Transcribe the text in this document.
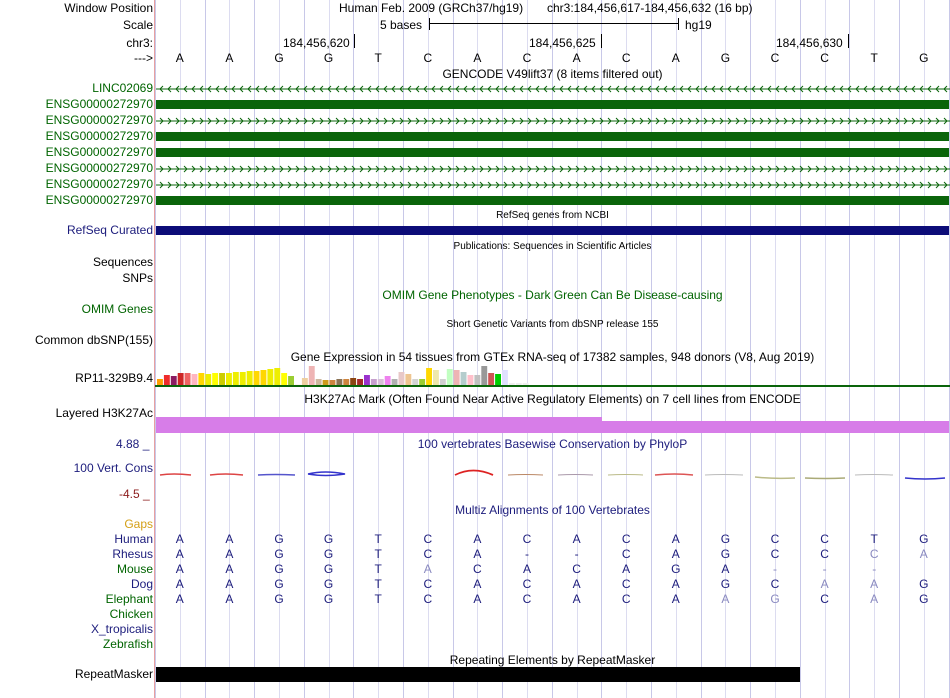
Window Position	Human Feb. 2009 (GRCh37/hg19) chr3:184,456,617-184,456,632 (16 bp)
Scale	5 bases	hg19
chr3:	184,456,620	184,456,625	184,456,630
--->	A	A	G	G	T	C	A	C	A	C	A	G	C	C	T	G
GENCODE V49lift37 (8 items filtered out)
LINC02069
ENSG00000272970
ENSG00000272970
ENSG00000272970
ENSG00000272970
ENSG00000272970
ENSG00000272970
ENSG00000272970
RefSeq genes from NCBI
RefSeq Curated
Publications: Sequences in Scientific Articles
Sequences
SNPs
OMIM Gene Phenotypes - Dark Green Can Be Disease-causing
OMIM Genes
Short Genetic Variants from dbSNP release 155
Common dbSNP(155)
Gene Expression in 54 tissues from GTEx RNA-seq of 17382 samples, 948 donors (V8, Aug 2019)
RP11-329B9.4
H3K27Ac Mark (Often Found Near Active Regulatory Elements) on 7 cell lines from ENCODE
Layered H3K27Ac
100 vertebrates Basewise Conservation by PhyloP
4.88 _
100 Vert. Cons
-4.5 _
Multiz Alignments of 100 Vertebrates
Gaps
Human	A	A	G	G	T	C	A	C	A	C	A	G	C	C	T	G
Rhesus	A	A	G	G	T	C	A	-	-	C	A	G	C	C	C	A
Mouse	A	A	G	G	T	A	C	A	C	A	G	A	-	-	-
Dog	A	A	G	G	T	C	A	C	A	C	A	G	C	A	A	G
Elephant	A	A	G	G	T	C	A	C	A	C	A	A	G	C	A	G
Chicken
X_tropicalis
Zebrafish
Repeating Elements by RepeatMasker
RepeatMasker
